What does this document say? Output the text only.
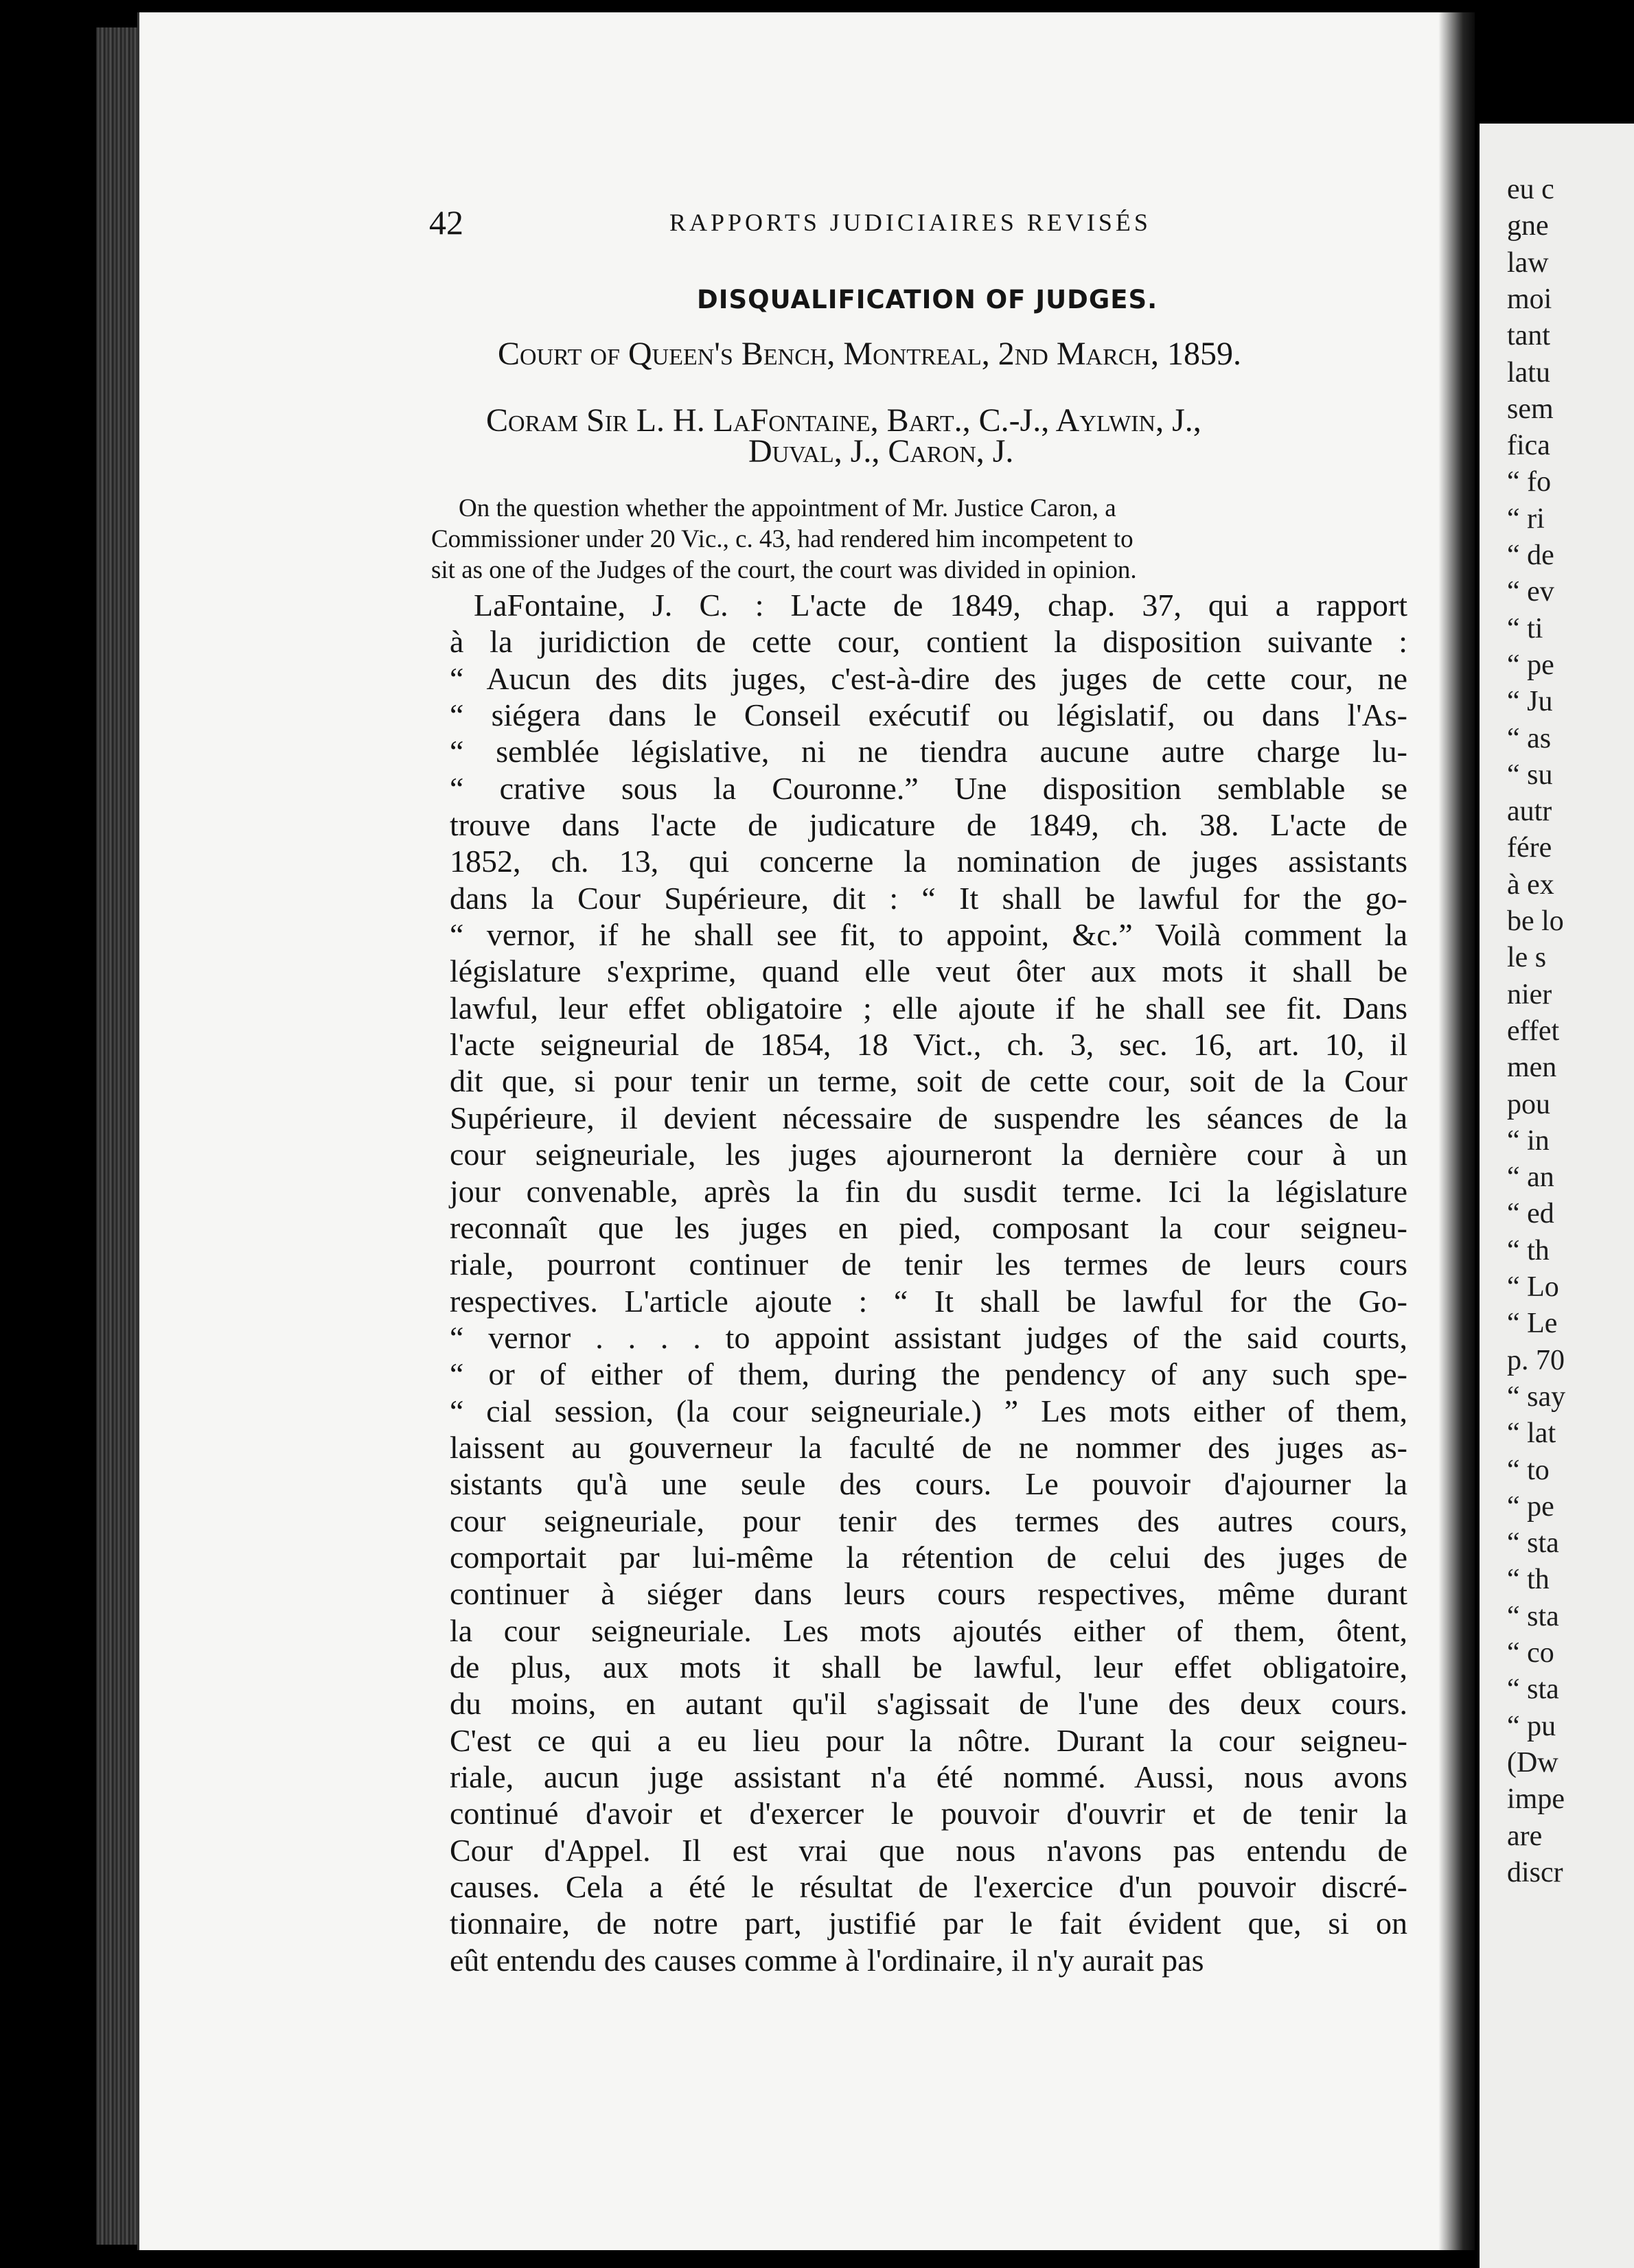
42	RAPPORTS JUDICIAIRES REVISÉS
DISQUALIFICATION OF JUDGES.
Court of Queen's Bench, Montreal, 2nd March, 1859.
Coram Sir L. H. LaFontaine, Bart., C.-J., Aylwin, J.,
Duval, J., Caron, J.
On the question whether the appointment of Mr. Justice Caron, a
Commissioner under 20 Vic., c. 43, had rendered him incompetent to
sit as one of the Judges of the court, the court was divided in opinion.
LaFontaine, J. C. : L'acte de 1849, chap. 37, qui a rapport
à la juridiction de cette cour, contient la disposition suivante :
“ Aucun des dits juges, c'est-à-dire des juges de cette cour, ne
“ siégera dans le Conseil exécutif ou législatif, ou dans l'As-
“ semblée législative, ni ne tiendra aucune autre charge lu-
“ crative sous la Couronne.” Une disposition semblable se
trouve dans l'acte de judicature de 1849, ch. 38. L'acte de
1852, ch. 13, qui concerne la nomination de juges assistants
dans la Cour Supérieure, dit : “ It shall be lawful for the go-
“ vernor, if he shall see fit, to appoint, &c.” Voilà comment la
législature s'exprime, quand elle veut ôter aux mots it shall be
lawful, leur effet obligatoire ; elle ajoute if he shall see fit. Dans
l'acte seigneurial de 1854, 18 Vict., ch. 3, sec. 16, art. 10, il
dit que, si pour tenir un terme, soit de cette cour, soit de la Cour
Supérieure, il devient nécessaire de suspendre les séances de la
cour seigneuriale, les juges ajourneront la dernière cour à un
jour convenable, après la fin du susdit terme. Ici la législature
reconnaît que les juges en pied, composant la cour seigneu-
riale, pourront continuer de tenir les termes de leurs cours
respectives. L'article ajoute : “ It shall be lawful for the Go-
“ vernor . . . . to appoint assistant judges of the said courts,
“ or of either of them, during the pendency of any such spe-
“ cial session, (la cour seigneuriale.) ” Les mots either of them,
laissent au gouverneur la faculté de ne nommer des juges as-
sistants qu'à une seule des cours. Le pouvoir d'ajourner la
cour seigneuriale, pour tenir des termes des autres cours,
comportait par lui-même la rétention de celui des juges de
continuer à siéger dans leurs cours respectives, même durant
la cour seigneuriale. Les mots ajoutés either of them, ôtent,
de plus, aux mots it shall be lawful, leur effet obligatoire,
du moins, en autant qu'il s'agissait de l'une des deux cours.
C'est ce qui a eu lieu pour la nôtre. Durant la cour seigneu-
riale, aucun juge assistant n'a été nommé. Aussi, nous avons
continué d'avoir et d'exercer le pouvoir d'ouvrir et de tenir la
Cour d'Appel. Il est vrai que nous n'avons pas entendu de
causes. Cela a été le résultat de l'exercice d'un pouvoir discré-
tionnaire, de notre part, justifié par le fait évident que, si on
eût entendu des causes comme à l'ordinaire, il n'y aurait pas
eu c
gne
law
moi
tant
latu
sem
fica
“ fo
“ ri
“ de
“ ev
“ ti
“ pe
“ Ju
“ as
“ su
autr
fére
à ex
be lo
le s
nier
effet
men
pou
“ in
“ an
“ ed
“ th
“ Lo
“ Le
p. 70
“ say
“ lat
“ to
“ pe
“ sta
“ th
“ sta
“ co
“ sta
“ pu
(Dw
impe
are
discr
